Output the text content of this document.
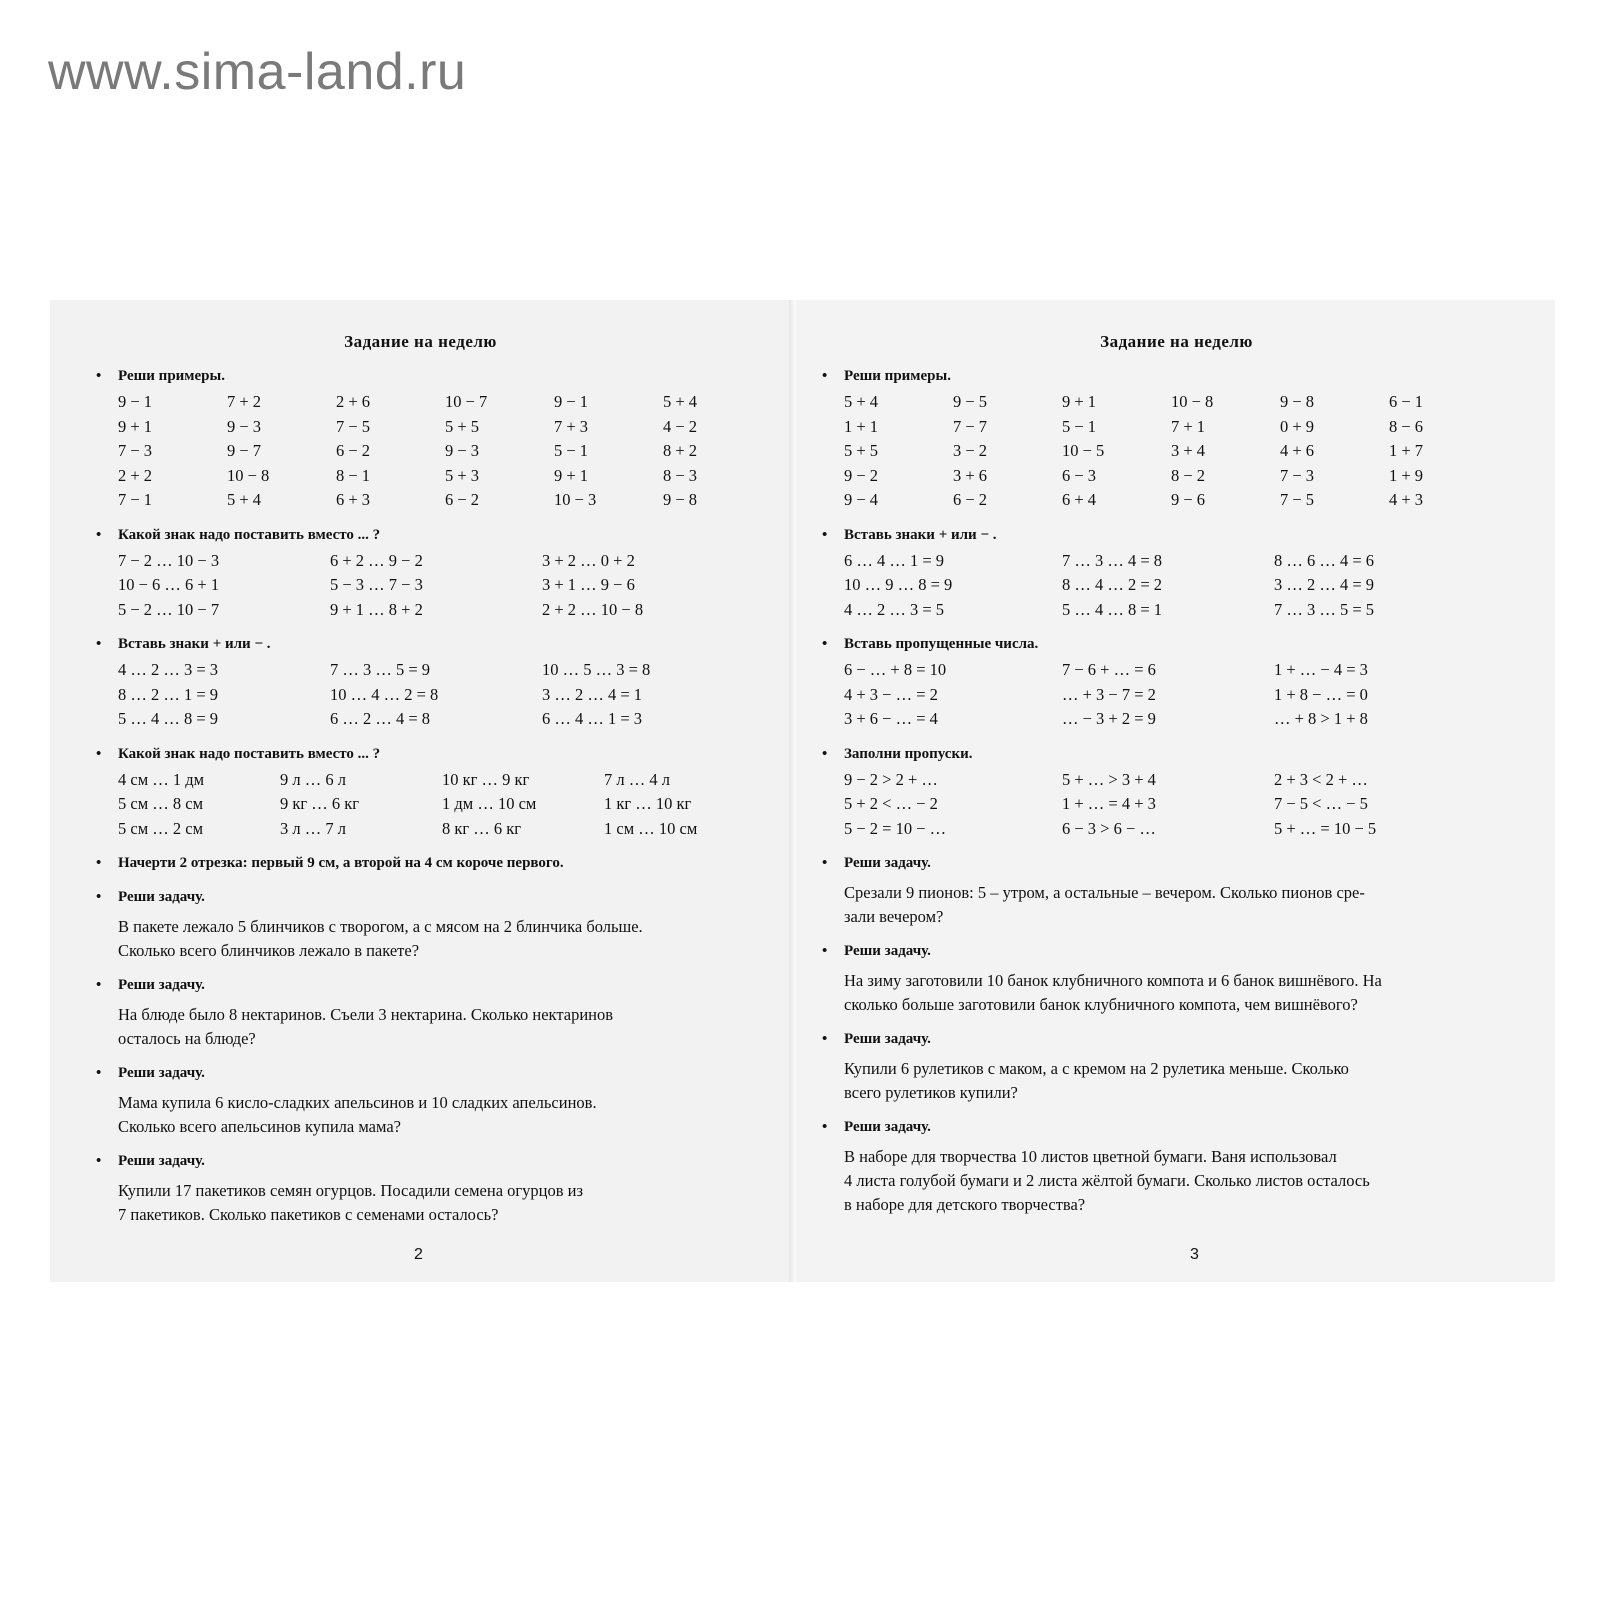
www.sima-land.ru
Задание на неделю
• Реши примеры.
9 − 1	7 + 2	2 + 6	10 − 7	9 − 1	5 + 4
9 + 1	9 − 3	7 − 5	5 + 5	7 + 3	4 − 2
7 − 3	9 − 7	6 − 2	9 − 3	5 − 1	8 + 2
2 + 2	10 − 8	8 − 1	5 + 3	9 + 1	8 − 3
7 − 1	5 + 4	6 + 3	6 − 2	10 − 3	9 − 8
• Какой знак надо поставить вместо ... ?
7 − 2 … 10 − 3	6 + 2 … 9 − 2	3 + 2 … 0 + 2
10 − 6 … 6 + 1	5 − 3 … 7 − 3	3 + 1 … 9 − 6
5 − 2 … 10 − 7	9 + 1 … 8 + 2	2 + 2 … 10 − 8
• Вставь знаки + или − .
4 … 2 … 3 = 3	7 … 3 … 5 = 9	10 … 5 … 3 = 8
8 … 2 … 1 = 9	10 … 4 … 2 = 8	3 … 2 … 4 = 1
5 … 4 … 8 = 9	6 … 2 … 4 = 8	6 … 4 … 1 = 3
• Какой знак надо поставить вместо ... ?
4 см … 1 дм	9 л … 6 л	10 кг … 9 кг	7 л … 4 л
5 см … 8 см	9 кг … 6 кг	1 дм … 10 см	1 кг … 10 кг
5 см … 2 см	3 л … 7 л	8 кг … 6 кг	1 см … 10 см
• Начерти 2 отрезка: первый 9 см, а второй на 4 см короче первого.
• Реши задачу.
В пакете лежало 5 блинчиков с творогом, а с мясом на 2 блинчика больше.
Сколько всего блинчиков лежало в пакете?
• Реши задачу.
На блюде было 8 нектаринов. Съели 3 нектарина. Сколько нектаринов
осталось на блюде?
• Реши задачу.
Мама купила 6 кисло-сладких апельсинов и 10 сладких апельсинов.
Сколько всего апельсинов купила мама?
• Реши задачу.
Купили 17 пакетиков семян огурцов. Посадили семена огурцов из
7 пакетиков. Сколько пакетиков с семенами осталось?
2
Задание на неделю
• Реши примеры.
5 + 4	9 − 5	9 + 1	10 − 8	9 − 8	6 − 1
1 + 1	7 − 7	5 − 1	7 + 1	0 + 9	8 − 6
5 + 5	3 − 2	10 − 5	3 + 4	4 + 6	1 + 7
9 − 2	3 + 6	6 − 3	8 − 2	7 − 3	1 + 9
9 − 4	6 − 2	6 + 4	9 − 6	7 − 5	4 + 3
• Вставь знаки + или − .
6 … 4 … 1 = 9	7 … 3 … 4 = 8	8 … 6 … 4 = 6
10 … 9 … 8 = 9	8 … 4 … 2 = 2	3 … 2 … 4 = 9
4 … 2 … 3 = 5	5 … 4 … 8 = 1	7 … 3 … 5 = 5
• Вставь пропущенные числа.
6 − … + 8 = 10	7 − 6 + … = 6	1 + … − 4 = 3
4 + 3 − … = 2	… + 3 − 7 = 2	1 + 8 − … = 0
3 + 6 − … = 4	… − 3 + 2 = 9	… + 8 > 1 + 8
• Заполни пропуски.
9 − 2 > 2 + …	5 + … > 3 + 4	2 + 3 < 2 + …
5 + 2 < … − 2	1 + … = 4 + 3	7 − 5 < … − 5
5 − 2 = 10 − …	6 − 3 > 6 − …	5 + … = 10 − 5
• Реши задачу.
Срезали 9 пионов: 5 – утром, а остальные – вечером. Сколько пионов сре-
зали вечером?
• Реши задачу.
На зиму заготовили 10 банок клубничного компота и 6 банок вишнёвого. На
сколько больше заготовили банок клубничного компота, чем вишнёвого?
• Реши задачу.
Купили 6 рулетиков с маком, а с кремом на 2 рулетика меньше. Сколько
всего рулетиков купили?
• Реши задачу.
В наборе для творчества 10 листов цветной бумаги. Ваня использовал
4 листа голубой бумаги и 2 листа жёлтой бумаги. Сколько листов осталось
в наборе для детского творчества?
3
